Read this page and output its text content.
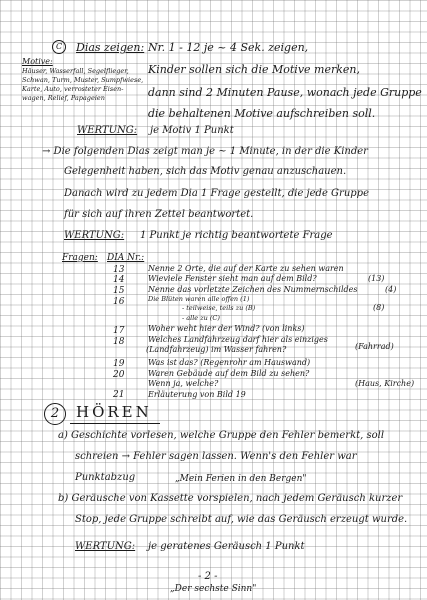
C	Dias zeigen: Nr. 1 - 12 je ~ 4 Sek. zeigen,
Kinder sollen sich die Motive merken,
dann sind 2 Minuten Pause, wonach jede Gruppe
die behaltenen Motive aufschreiben soll.
Motive:
Häuser, Wasserfall, Segelflieger,
Schwan, Turm, Muster, Sumpfwiese,
Karte, Auto, verrosteter Eisen-
wagen, Relief, Papageien
WERTUNG: je Motiv 1 Punkt
→ Die folgenden Dias zeigt man je ~ 1 Minute, in der die Kinder
Gelegenheit haben, sich das Motiv genau anzuschauen.
Danach wird zu jedem Dia 1 Frage gestellt, die jede Gruppe
für sich auf ihren Zettel beantwortet.
WERTUNG: 1 Punkt je richtig beantwortete Frage
Fragen: DIA Nr.:
13	Nenne 2 Orte, die auf der Karte zu sehen waren
14	Wieviele Fenster sieht man auf dem Bild?	(13)
15	Nenne das vorletzte Zeichen des Nummernschildes	(4)
16	Die Blüten waren alle offen (1)
- teilweise, teils zu (B)	(8)
- alle zu (C)
17	Woher weht hier der Wind? (von links)
18	Welches Landfahrzeug darf hier als einziges
(Landfahrzeug) im Wasser fahren?	(Fahrrad)
19	Was ist das? (Regenrohr am Hauswand)
20	Waren Gebäude auf dem Bild zu sehen?
Wenn ja, welche?	(Haus, Kirche)
21	Erläuterung von Bild 19
2	HÖREN
a) Geschichte vorlesen, welche Gruppe den Fehler bemerkt, soll
schreien → Fehler sagen lassen. Wenn's den Fehler war
Punktabzug	„Mein Ferien in den Bergen"
b) Geräusche von Kassette vorspielen, nach jedem Geräusch kurzer
Stop, jede Gruppe schreibt auf, wie das Geräusch erzeugt wurde.
WERTUNG: je geratenes Geräusch 1 Punkt
- 2 -
„Der sechste Sinn"
